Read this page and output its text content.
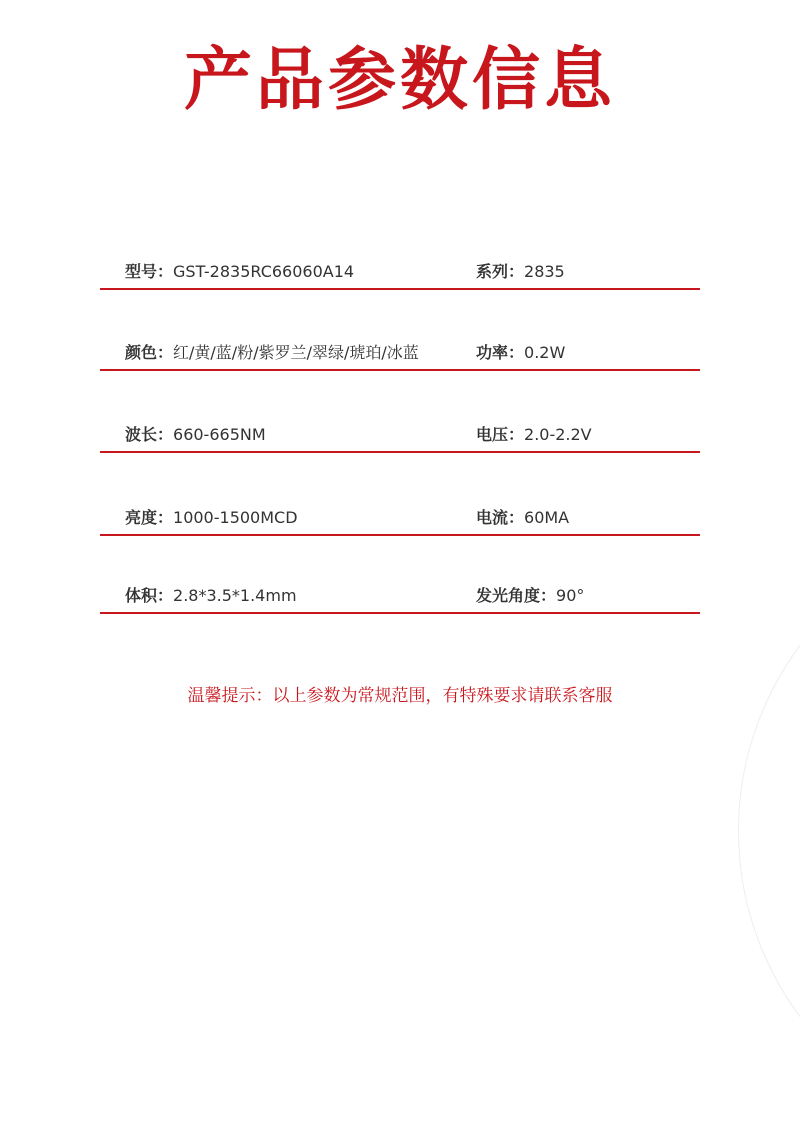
产品参数信息
型号：GST-2835RC66060A14	系列：2835
颜色：红/黄/蓝/粉/紫罗兰/翠绿/琥珀/冰蓝	功率：0.2W
波长：660-665NM	电压：2.0-2.2V
亮度：1000-1500MCD	电流：60MA
体积：2.8*3.5*1.4mm	发光角度：90°

温馨提示：以上参数为常规范围，有特殊要求请联系客服
